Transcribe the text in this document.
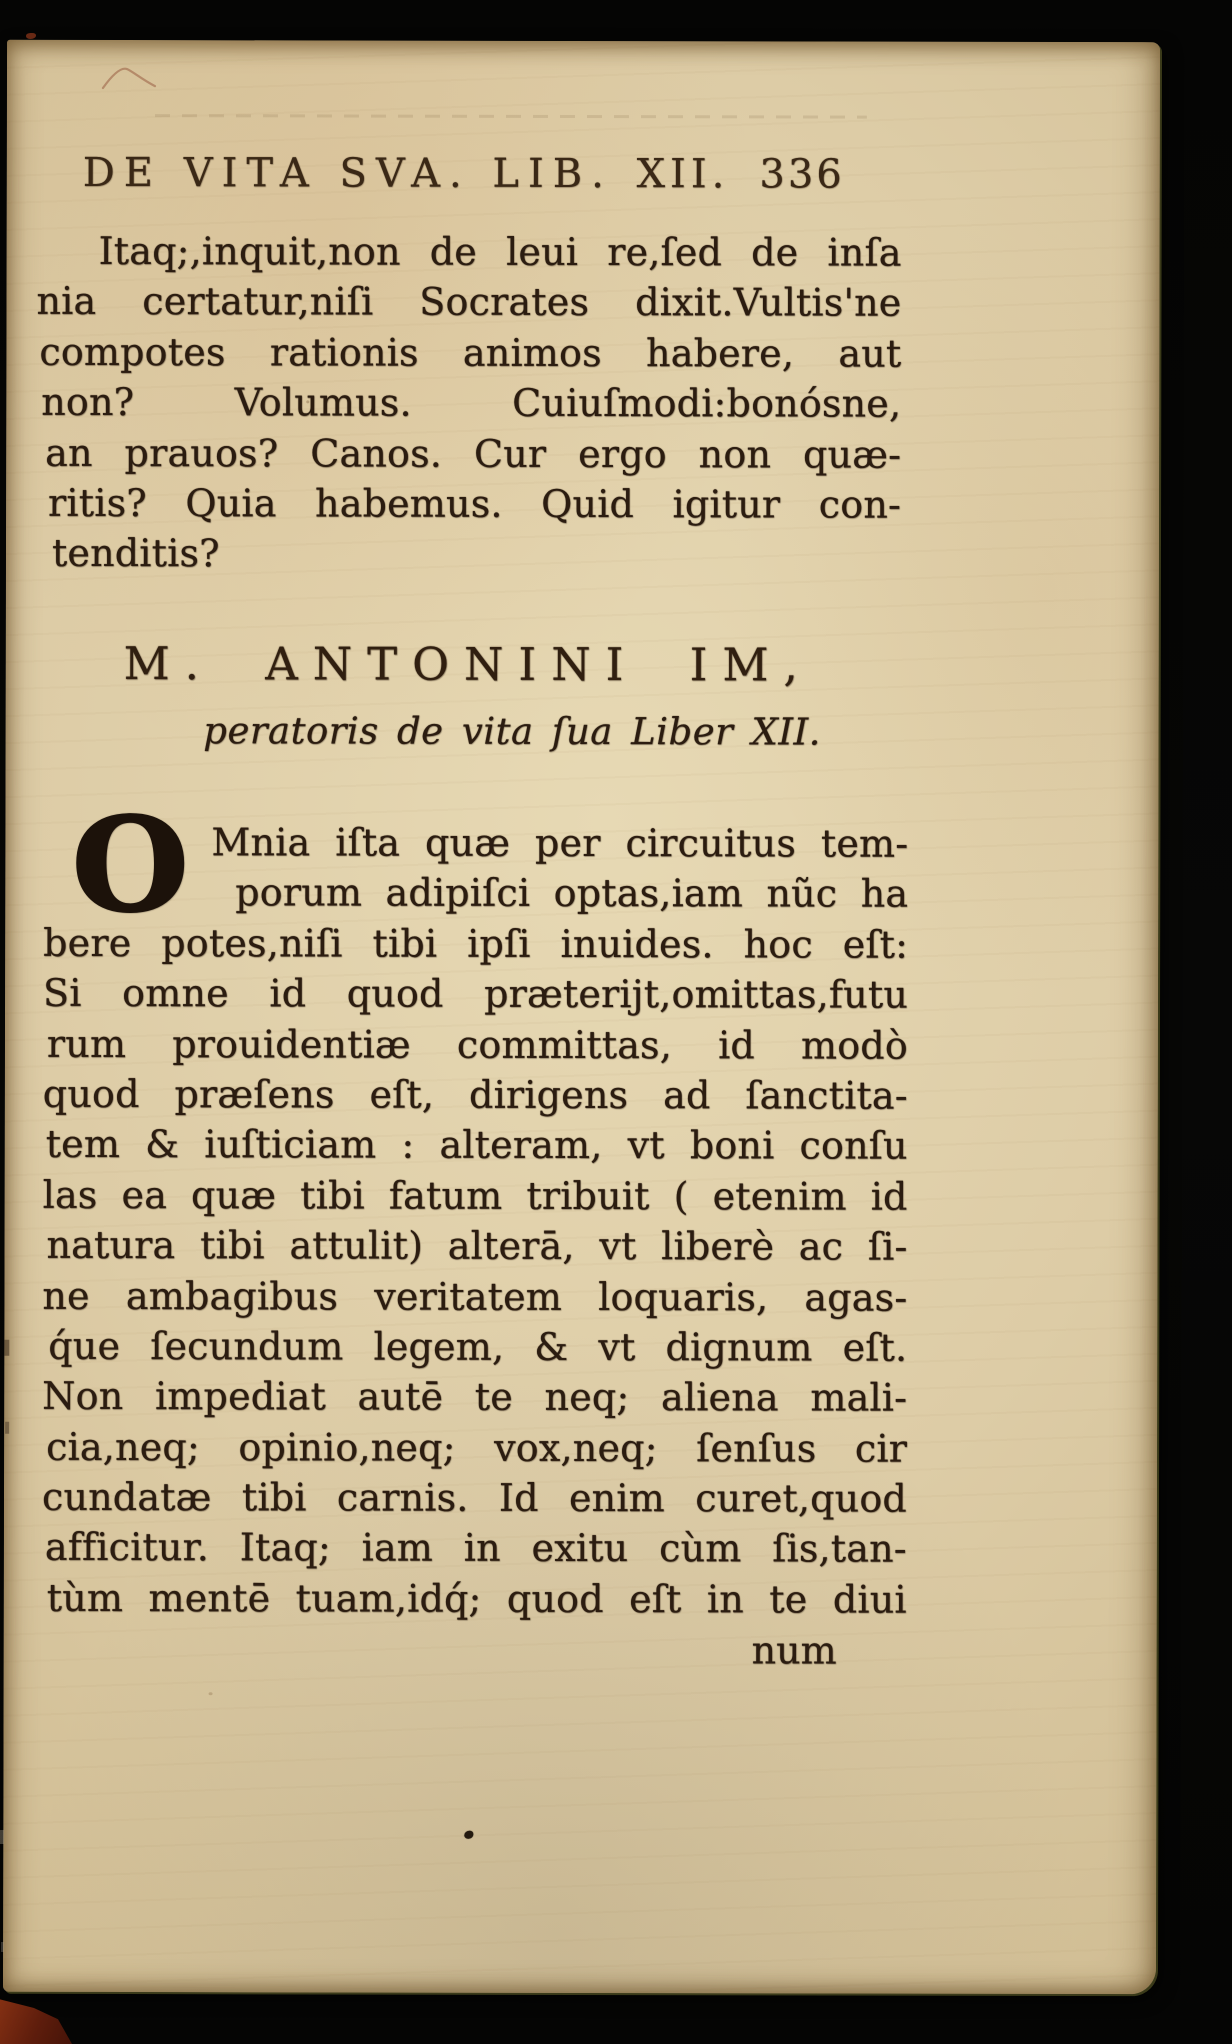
DE VITA SVA. LIB. XII. 336
Itaq;,inquit,non de leui re,ſed de inſa
nia certatur,niſi Socrates dixit.Vultis'ne
compotes rationis animos habere, aut
non? Volumus. Cuiuſmodi:bonósne,
an prauos? Canos. Cur ergo non quæ-
ritis? Quia habemus. Quid igitur con-
tenditis?
M. ANTONINI IM,
peratoris de vita ſua Liber XII.
O Mnia iſta quæ per circuitus tem-
porum adipiſci optas,iam nũc ha
bere potes,niſi tibi ipſi inuides. hoc eſt:
Si omne id quod præterijt,omittas,futu
rum prouidentiæ committas, id modò
quod præſens eſt, dirigens ad ſanctita-
tem & iuſticiam : alteram, vt boni conſu
las ea quæ tibi fatum tribuit ( etenim id
natura tibi attulit) alterā, vt liberè ac ſi-
ne ambagibus veritatem loquaris, agas-
q́ue ſecundum legem, & vt dignum eſt.
Non impediat autē te neq; aliena mali-
cia,neq; opinio,neq; vox,neq; ſenſus cir
cundatæ tibi carnis. Id enim curet,quod
afficitur. Itaq; iam in exitu cùm ſis,tan-
tùm mentē tuam,idq́; quod eſt in te diui
num
